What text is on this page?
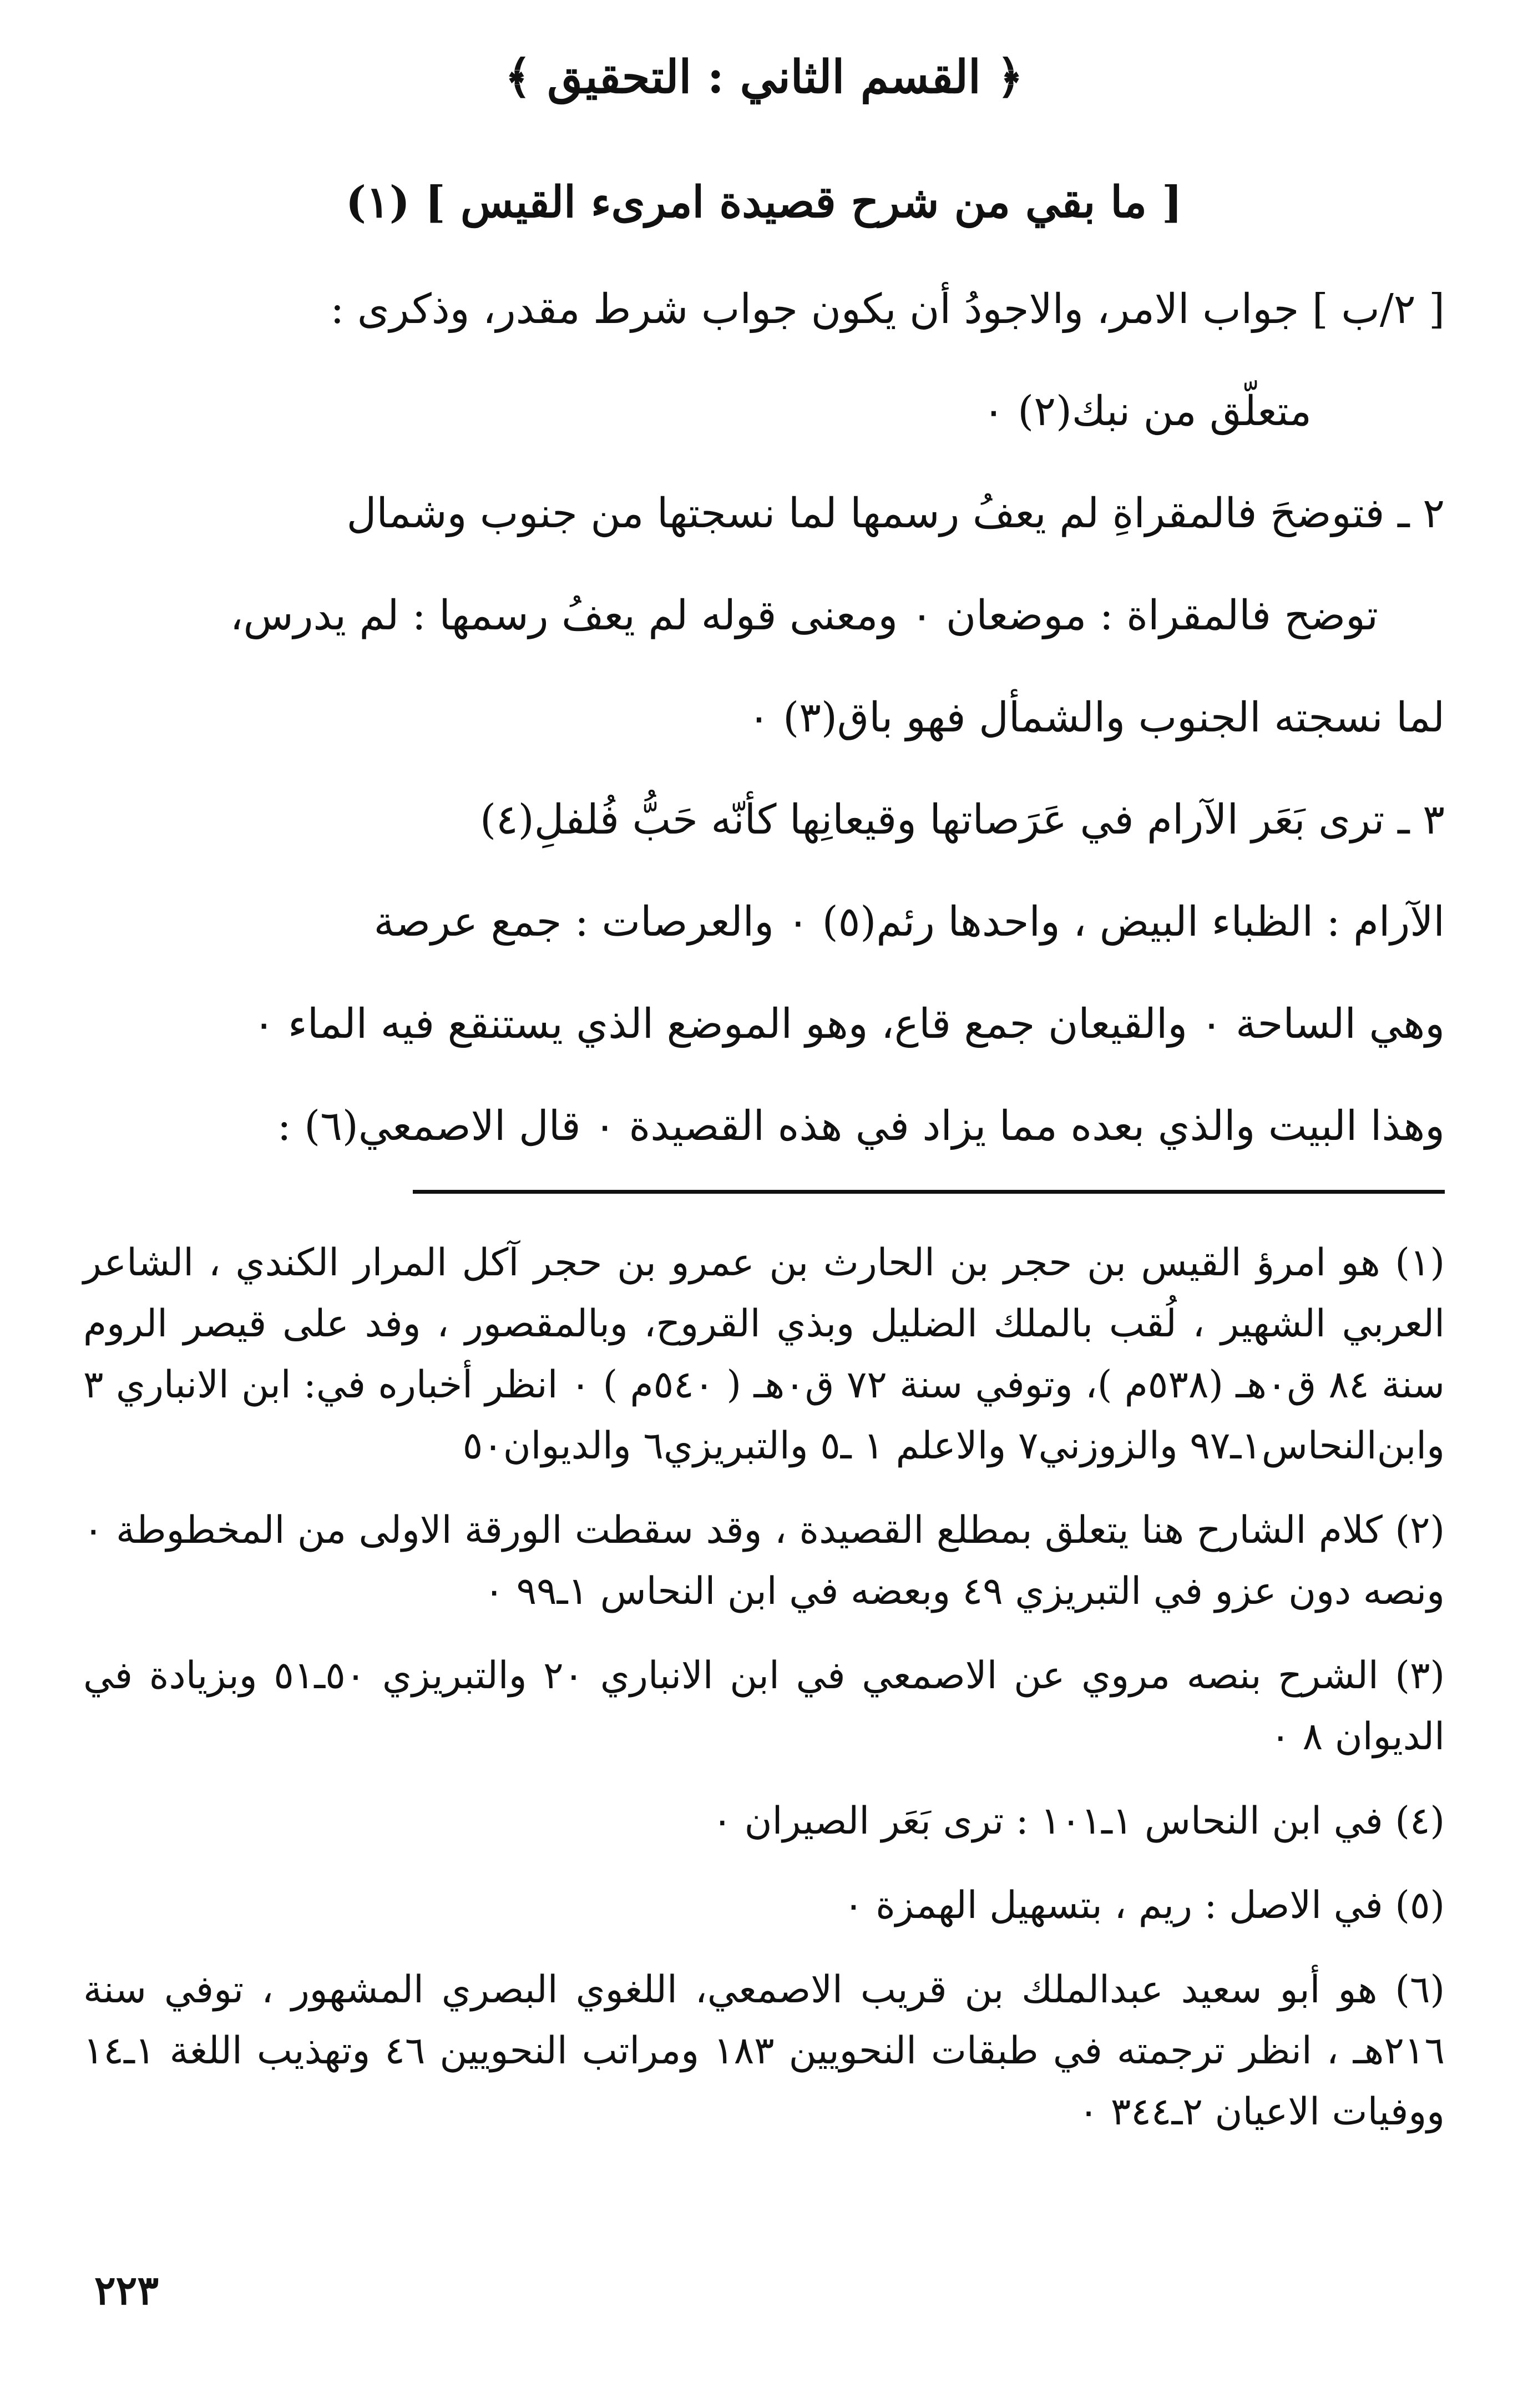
﴿ القسم الثاني : التحقيق ﴾
[ ما بقي من شرح قصيدة امرىء القيس ] (١)

[ ٢/ب ] جواب الامر، والاجودُ أن يكون جواب شرط مقدر، وذكرى :

متعلّق من نبك(٢) ٠

٢ ـ فتوضحَ فالمقراةِ لم يعفُ رسمها لما نسجتها من جنوب وشمال

توضح فالمقراة : موضعان ٠ ومعنى قوله لم يعفُ رسمها : لم يدرس،

لما نسجته الجنوب والشمأل فهو باق(٣) ٠

٣ ـ ترى بَعَر الآرام في عَرَصاتها وقيعانِها كأنّه حَبُّ فُلفلِ(٤)

الآرام : الظباء البيض ، واحدها رئم(٥) ٠ والعرصات : جمع عرصة

وهي الساحة ٠ والقيعان جمع قاع، وهو الموضع الذي يستنقع فيه الماء ٠

وهذا البيت والذي بعده مما يزاد في هذه القصيدة ٠ قال الاصمعي(٦) :

(١) هو امرؤ القيس بن حجر بن الحارث بن عمرو بن حجر آكل المرار الكندي ، الشاعر العربي الشهير ، لُقب بالملك الضليل وبذي القروح، وبالمقصور ، وفد على قيصر الروم سنة ٨٤ ق٠هـ (٥٣٨م )، وتوفي سنة ٧٢ ق٠هـ ( ٥٤٠م ) ٠ انظر أخباره في: ابن الانباري ٣ وابن‌النحاس١ـ٩٧ والزوزني٧ والاعلم ١ ـ٥ والتبريزي٦ والديوان٥٠
(٢) كلام الشارح هنا يتعلق بمطلع القصيدة ، وقد سقطت الورقة الاولى من المخطوطة ٠ ونصه دون عزو في التبريزي ٤٩ وبعضه في ابن النحاس ١ـ٩٩ ٠
(٣) الشرح بنصه مروي عن الاصمعي في ابن الانباري ٢٠ والتبريزي ٥٠ـ٥١ وبزيادة في الديوان ٨ ٠
(٤) في ابن النحاس ١ـ١٠١ : ترى بَعَر الصيران ٠
(٥) في الاصل : ريم ، بتسهيل الهمزة ٠
(٦) هو أبو سعيد عبدالملك بن قريب الاصمعي، اللغوي البصري المشهور ، توفي سنة ٢١٦هـ ، انظر ترجمته في طبقات النحويين ١٨٣ ومراتب النحويين ٤٦ وتهذيب اللغة ١ـ١٤ ووفيات الاعيان ٢ـ٣٤٤ ٠
٢٢٣
